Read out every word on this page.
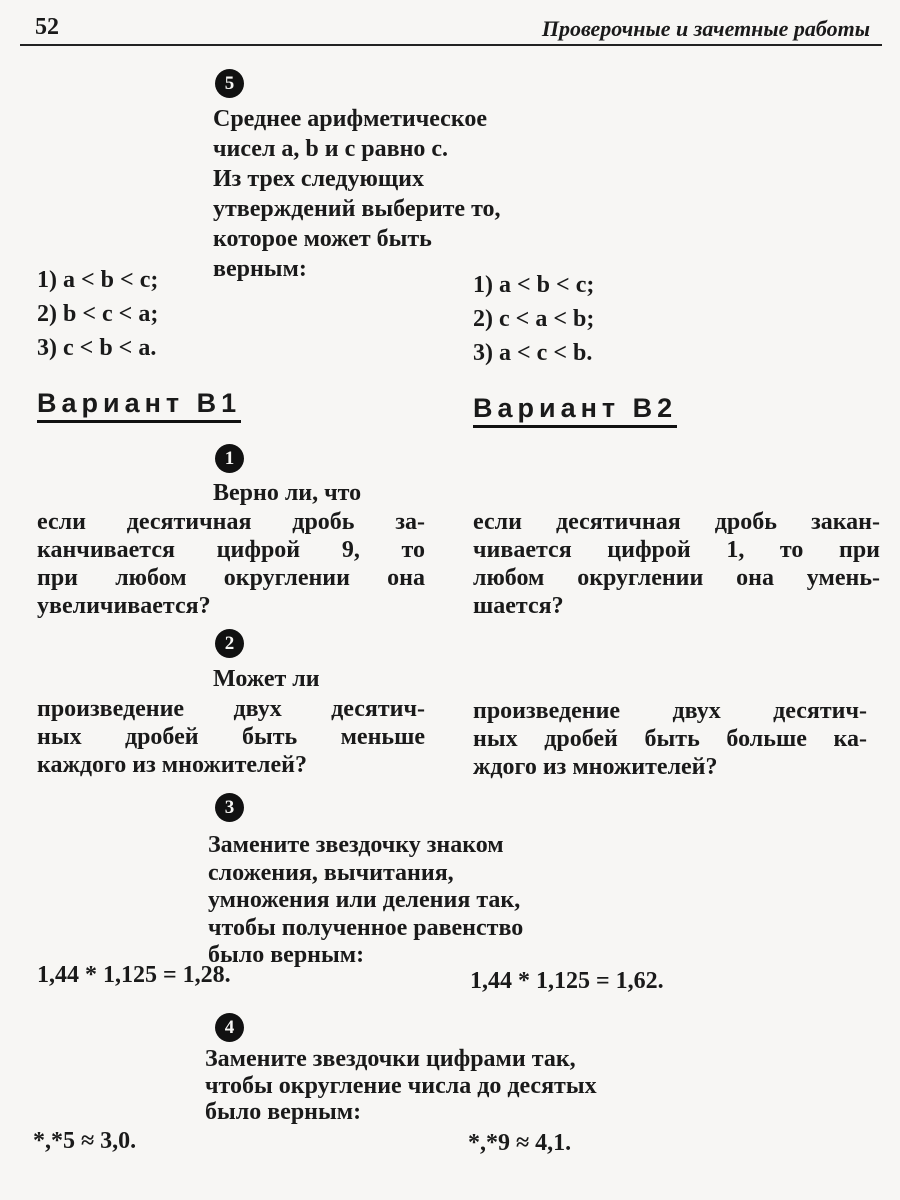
52	Проверочные и зачетные работы
5
Среднее арифметическое
чисел a, b и c равно c.
Из трех следующих
утверждений выберите то,
которое может быть
верным:
1) a < b < c;
2) b < c < a;
3) c < b < a.
1) a < b < c;
2) c < a < b;
3) a < c < b.
Вариант В1	Вариант В2
1
Верно ли, что
если десятичная дробь за-
канчивается цифрой 9, то
при любом округлении она
увеличивается?
если десятичная дробь закан-
чивается цифрой 1, то при
любом округлении она умень-
шается?
2
Может ли
произведение двух десятич-
ных дробей быть меньше
каждого из множителей?
произведение двух десятич-
ных дробей быть больше ка-
ждого из множителей?
3
Замените звездочку знаком
сложения, вычитания,
умножения или деления так,
чтобы полученное равенство
было верным:
1,44 * 1,125 = 1,28.	1,44 * 1,125 = 1,62.
4
Замените звездочки цифрами так,
чтобы округление числа до десятых
было верным:
*,*5 ≈ 3,0.	*,*9 ≈ 4,1.
